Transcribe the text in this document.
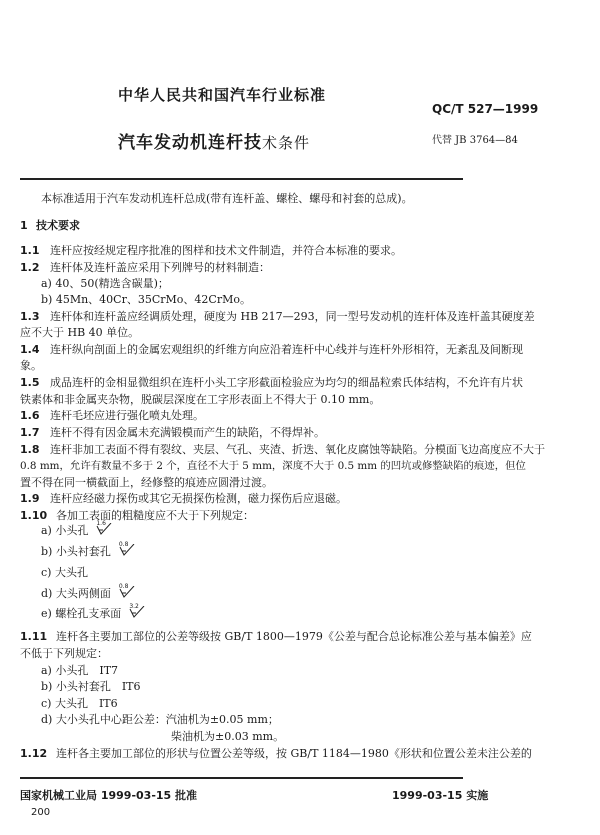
中华人民共和国汽车行业标准
QC/T 527—1999
汽车发动机连杆技术条件	代替 JB 3764—84
本标准适用于汽车发动机连杆总成(带有连杆盖、螺栓、螺母和衬套的总成)。
1 技术要求
1.1 连杆应按经规定程序批准的图样和技术文件制造，并符合本标准的要求。
1.2 连杆体及连杆盖应采用下列牌号的材料制造：
a) 40、50(精选含碳量)；
b) 45Mn、40Cr、35CrMo、42CrMo。
1.3 连杆体和连杆盖应经调质处理，硬度为 HB 217—293，同一型号发动机的连杆体及连杆盖其硬度差
应不大于 HB 40 单位。
1.4 连杆纵向剖面上的金属宏观组织的纤维方向应沿着连杆中心线并与连杆外形相符，无紊乱及间断现
象。
1.5 成品连杆的金相显微组织在连杆小头工字形截面检验应为均匀的细晶粒索氏体结构，不允许有片状
铁素体和非金属夹杂物，脱碳层深度在工字形表面上不得大于 0.10 mm。
1.6 连杆毛坯应进行强化喷丸处理。
1.7 连杆不得有因金属未充满锻模而产生的缺陷，不得焊补。
1.8 连杆非加工表面不得有裂纹、夹层、气孔、夹渣、折迭、氧化皮腐蚀等缺陷。分模面飞边高度应不大于
0.8 mm，允许有数量不多于 2 个，直径不大于 5 mm，深度不大于 0.5 mm 的凹坑或修整缺陷的痕迹，但位
置不得在同一横截面上，经修整的痕迹应圆滑过渡。
1.9 连杆应经磁力探伤或其它无损探伤检测，磁力探伤后应退磁。
1.10 各加工表面的粗糙度应不大于下列规定：
a) 小头孔
1.6
b) 小头衬套孔
0.8
c) 大头孔
d) 大头两侧面
0.8
e) 螺栓孔支承面
3.2
1.11 连杆各主要加工部位的公差等级按 GB/T 1800—1979《公差与配合总论标准公差与基本偏差》应
不低于下列规定：
a) 小头孔　IT7
b) 小头衬套孔　IT6
c) 大头孔　IT6
d) 大小头孔中心距公差：汽油机为±0.05 mm；
柴油机为±0.03 mm。
1.12 连杆各主要加工部位的形状与位置公差等级，按 GB/T 1184—1980《形状和位置公差未注公差的
国家机械工业局 1999-03-15 批准	1999-03-15 实施
200
